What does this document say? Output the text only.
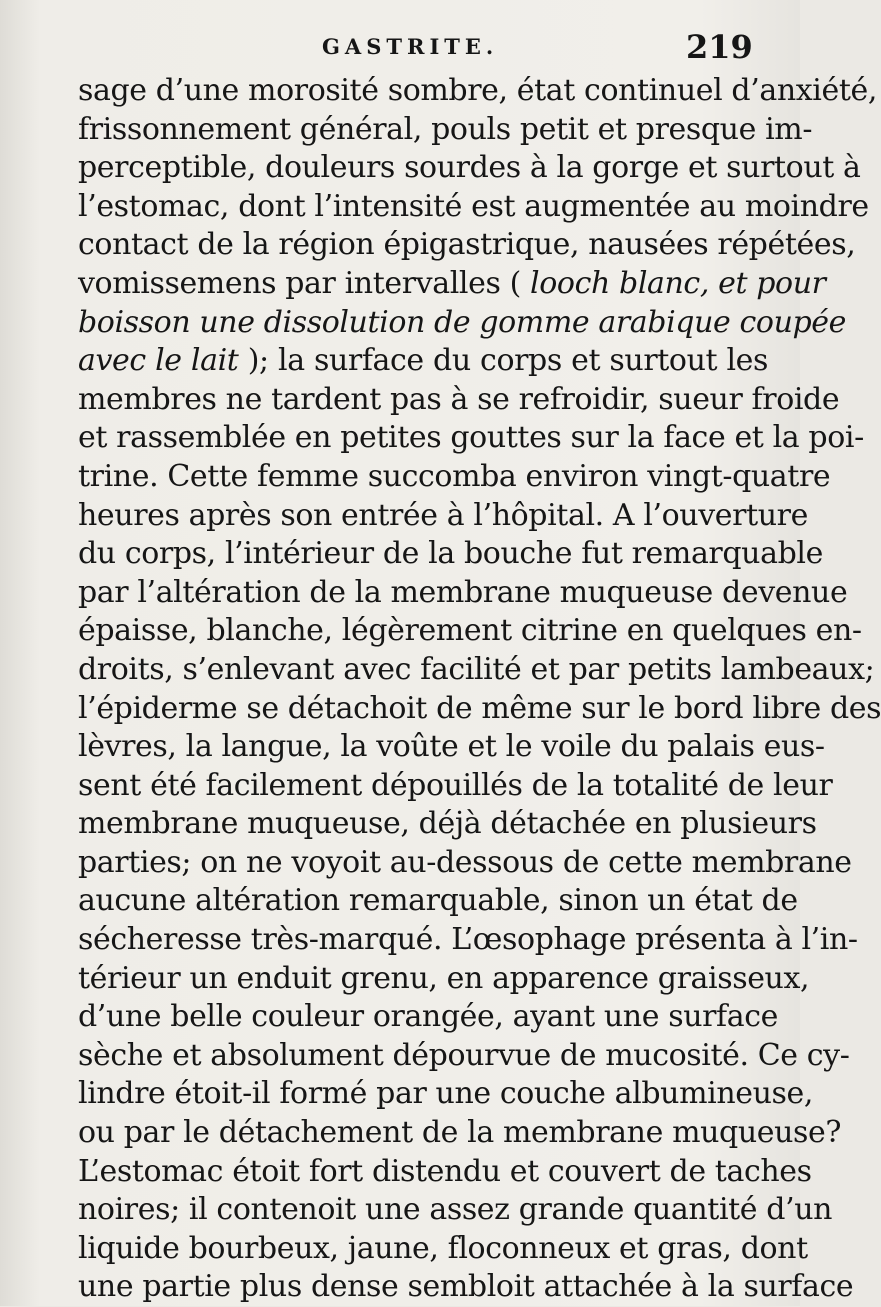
GASTRITE.	219
sage d’une morosité sombre, état continuel d’anxiété,
frissonnement général, pouls petit et presque im-
perceptible, douleurs sourdes à la gorge et surtout à
l’estomac, dont l’intensité est augmentée au moindre
contact de la région épigastrique, nausées répétées,
vomissemens par intervalles ( looch blanc, et pour
boisson une dissolution de gomme arabique coupée
avec le lait ); la surface du corps et surtout les
membres ne tardent pas à se refroidir, sueur froide
et rassemblée en petites gouttes sur la face et la poi-
trine. Cette femme succomba environ vingt-quatre
heures après son entrée à l’hôpital. A l’ouverture
du corps, l’intérieur de la bouche fut remarquable
par l’altération de la membrane muqueuse devenue
épaisse, blanche, légèrement citrine en quelques en-
droits, s’enlevant avec facilité et par petits lambeaux;
l’épiderme se détachoit de même sur le bord libre des
lèvres, la langue, la voûte et le voile du palais eus-
sent été facilement dépouillés de la totalité de leur
membrane muqueuse, déjà détachée en plusieurs
parties; on ne voyoit au-dessous de cette membrane
aucune altération remarquable, sinon un état de
sécheresse très-marqué. L’œsophage présenta à l’in-
térieur un enduit grenu, en apparence graisseux,
d’une belle couleur orangée, ayant une surface
sèche et absolument dépourvue de mucosité. Ce cy-
lindre étoit-il formé par une couche albumineuse,
ou par le détachement de la membrane muqueuse?
L’estomac étoit fort distendu et couvert de taches
noires; il contenoit une assez grande quantité d’un
liquide bourbeux, jaune, floconneux et gras, dont
une partie plus dense sembloit attachée à la surface
